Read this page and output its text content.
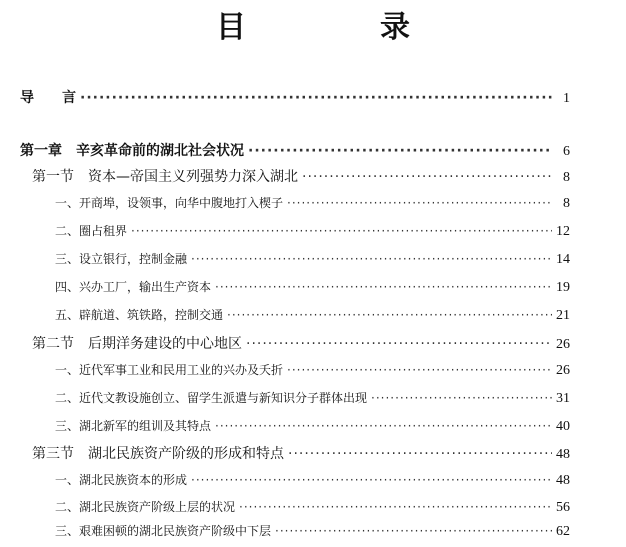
目　录
导　　言 ·····	1
第一章　辛亥革命前的湖北社会状况 ·····	6
第一节　资本—帝国主义列强势力深入湖北 ·····	8
一、开商埠，设领事，向华中腹地打入楔子 ·····	8
二、圈占租界 ·····	12
三、设立银行，控制金融 ·····	14
四、兴办工厂，输出生产资本 ·····	19
五、辟航道、筑铁路，控制交通 ·····	21
第二节　后期洋务建设的中心地区 ·····	26
一、近代军事工业和民用工业的兴办及夭折 ·····	26
二、近代文教设施创立、留学生派遣与新知识分子群体出现 ·····	31
三、湖北新军的组训及其特点 ·····	40
第三节　湖北民族资产阶级的形成和特点 ·····	48
一、湖北民族资本的形成 ·····	48
二、湖北民族资产阶级上层的状况 ·····	56
三、艰难困顿的湖北民族资产阶级中下层 ·····	62
